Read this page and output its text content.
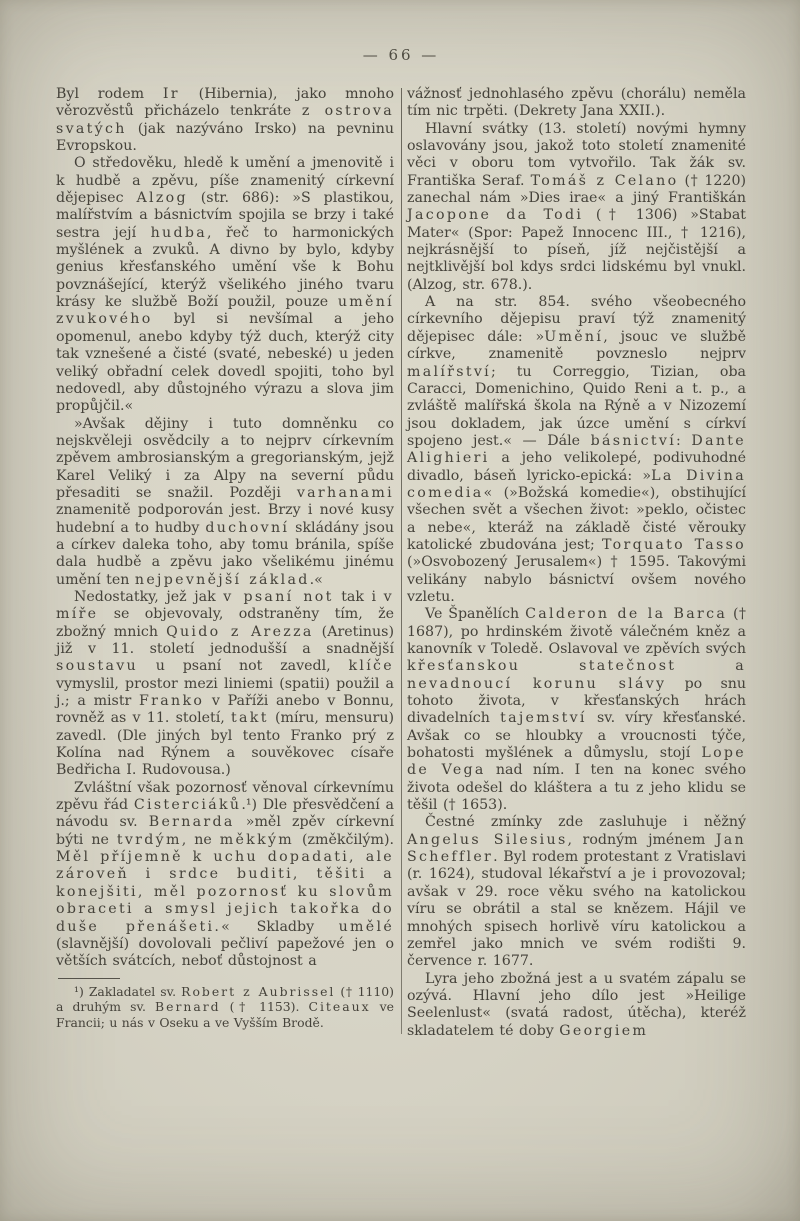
— 66 —

Byl rodem Ir (Hibernia), jako mnoho věrozvěstů přicházelo tenkráte z ostrova svatých (jak nazýváno Irsko) na pevninu Evropskou.

O středověku, hledě k umění a jmenovitě i k hudbě a zpěvu, píše znamenitý církevní dějepisec Alzog (str. 686): »S plastikou, malířstvím a básnictvím spojila se brzy i také sestra její hudba, řeč to harmonických myšlének a zvuků. A divno by bylo, kdyby genius křesťanského umění vše k Bohu povznášející, kterýž všelikého jiného tvaru krásy ke službě Boží použil, pouze umění zvukového byl si nevšímal a jeho opomenul, anebo kdyby týž duch, kterýž city tak vznešené a čisté (svaté, nebeské) u jeden veliký obřadní celek dovedl spojiti, toho byl nedovedl, aby důstojného výrazu a slova jim propůjčil.«

»Avšak dějiny i tuto domněnku co nejskvěleji osvědcily a to nejprv církevním zpěvem ambrosianským a gregorianským, jejž Karel Veliký i za Alpy na severní půdu přesaditi se snažil. Později varhanami znamenitě podporován jest. Brzy i nové kusy hudební a to hudby duchovní skládány jsou a církev daleka toho, aby tomu bránila, spíše dala hudbě a zpěvu jako všelikému jinému umění ten nejpevnější základ.«

Nedostatky, jež jak v psaní not tak i v míře se objevovaly, odstraněny tím, že zbožný mnich Quido z Arezza (Aretinus) již v 11. století jednodušší a snadnější soustavu u psaní not zavedl, klíče vymyslil, prostor mezi liniemi (spatii) použil a j.; a mistr Franko v Paříži anebo v Bonnu, rovněž as v 11. století, takt (míru, mensuru) zavedl. (Dle jiných byl tento Franko prý z Kolína nad Rýnem a souvěkovec císaře Bedřicha I. Rudovousa.)

Zvláštní však pozornosť věnoval církevnímu zpěvu řád Cisterciáků.¹) Dle přesvědčení a návodu sv. Bernarda »měl zpěv církevní býti ne tvrdým, ne měkkým (změkčilým). Měl příjemně k uchu dopadati, ale zároveň i srdce buditi, těšiti a konejšiti, měl pozornosť ku slovům obraceti a smysl jejich takořka do duše přenášeti.« Skladby umělé (slavnější) dovolovali pečliví papežové jen o větších svátcích, neboť důstojnost a

¹) Zakladatel sv. Robert z Aubrissel († 1110) a druhým sv. Bernard († 1153). Citeaux ve Francii; u nás v Oseku a ve Vyšším Brodě.

vážnosť jednohlasého zpěvu (chorálu) neměla tím nic trpěti. (Dekrety Jana XXII.).

Hlavní svátky (13. století) novými hymny oslavovány jsou, jakož toto století znamenité věci v oboru tom vytvořilo. Tak žák sv. Františka Seraf. Tomáš z Celano († 1220) zanechal nám »Dies irae« a jiný Františkán Jacopone da Todi († 1306) »Stabat Mater« (Spor: Papež Innocenc III., † 1216), nejkrásnější to píseň, jíž nejčistější a nejtklivější bol kdys srdci lidskému byl vnukl. (Alzog, str. 678.).

A na str. 854. svého všeobecného církevního dějepisu praví týž znamenitý dějepisec dále: »Umění, jsouc ve službě církve, znamenitě povzneslo nejprv malířství; tu Correggio, Tizian, oba Caracci, Domenichino, Quido Reni a t. p., a zvláště malířská škola na Rýně a v Nizozemí jsou dokladem, jak úzce umění s církví spojeno jest.« — Dále básnictví: Dante Alighieri a jeho velikolepé, podivuhodné divadlo, báseň lyricko-epická: »La Divina comedia« (»Božská komedie«), obstihující všechen svět a všechen život: »peklo, očistec a nebe«, kteráž na základě čisté věrouky katolické zbudována jest; Torquato Tasso (»Osvobozený Jerusalem«) † 1595. Takovými velikány nabylo básnictví ovšem nového vzletu.

Ve Španělích Calderon de la Barca († 1687), po hrdinském životě válečném kněz a kanovník v Toledě. Oslavoval ve zpěvích svých křesťanskou statečnost a nevadnoucí korunu slávy po snu tohoto života, v křesťanských hrách divadelních tajemství sv. víry křesťanské. Avšak co se hloubky a vroucnosti týče, bohatosti myšlének a důmyslu, stojí Lope de Vega nad ním. I ten na konec svého života odešel do kláštera a tu z jeho klidu se těšil († 1653).

Čestné zmínky zde zasluhuje i něžný Angelus Silesius, rodným jménem Jan Scheffler. Byl rodem protestant z Vratislavi (r. 1624), studoval lékařství a je i provozoval; avšak v 29. roce věku svého na katolickou víru se obrátil a stal se knězem. Hájil ve mnohých spisech horlivě víru katolickou a zemřel jako mnich ve svém rodišti 9. července r. 1677.

Lyra jeho zbožná jest a u svatém zápalu se ozývá. Hlavní jeho dílo jest »Heilige Seelenlust« (svatá radost, útěcha), kteréž skladatelem té doby Georgiem
